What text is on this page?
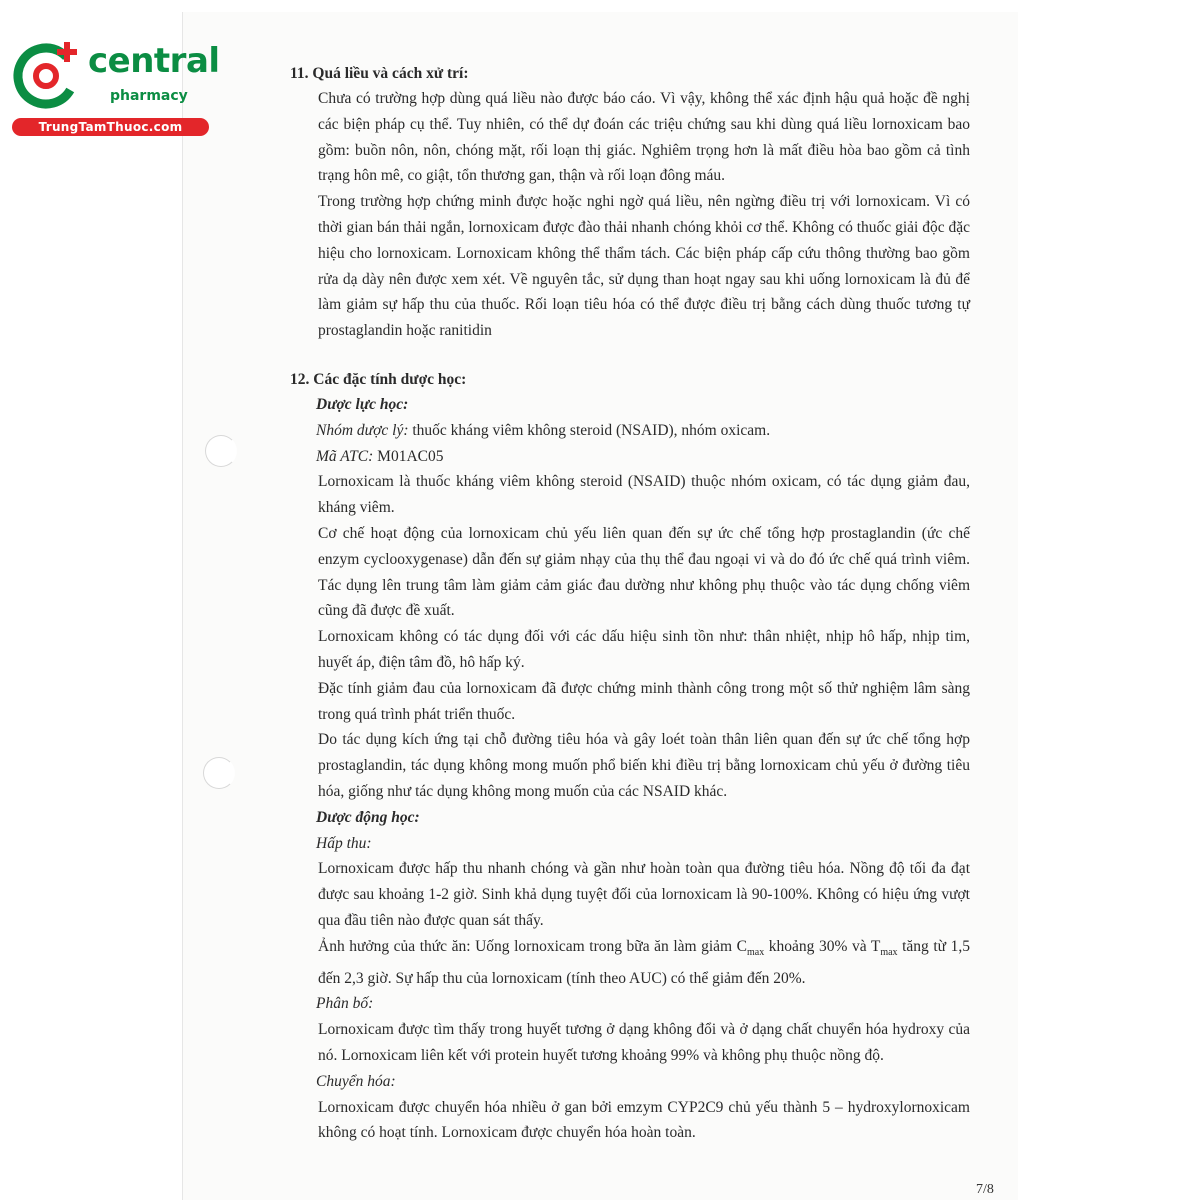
central
pharmacy
TrungTamThuoc.com
11. Quá liều và cách xử trí:
Chưa có trường hợp dùng quá liều nào được báo cáo. Vì vậy, không thể xác định hậu quả hoặc đề nghị các biện pháp cụ thể. Tuy nhiên, có thể dự đoán các triệu chứng sau khi dùng quá liều lornoxicam bao gồm: buồn nôn, nôn, chóng mặt, rối loạn thị giác. Nghiêm trọng hơn là mất điều hòa bao gồm cả tình trạng hôn mê, co giật, tổn thương gan, thận và rối loạn đông máu.
Trong trường hợp chứng minh được hoặc nghi ngờ quá liều, nên ngừng điều trị với lornoxicam. Vì có thời gian bán thải ngắn, lornoxicam được đào thải nhanh chóng khỏi cơ thể. Không có thuốc giải độc đặc hiệu cho lornoxicam. Lornoxicam không thể thẩm tách. Các biện pháp cấp cứu thông thường bao gồm rửa dạ dày nên được xem xét. Về nguyên tắc, sử dụng than hoạt ngay sau khi uống lornoxicam là đủ để làm giảm sự hấp thu của thuốc. Rối loạn tiêu hóa có thể được điều trị bằng cách dùng thuốc tương tự prostaglandin hoặc ranitidin
12. Các đặc tính dược học:
Dược lực học:
Nhóm dược lý: thuốc kháng viêm không steroid (NSAID), nhóm oxicam.
Mã ATC: M01AC05
Lornoxicam là thuốc kháng viêm không steroid (NSAID) thuộc nhóm oxicam, có tác dụng giảm đau, kháng viêm.
Cơ chế hoạt động của lornoxicam chủ yếu liên quan đến sự ức chế tổng hợp prostaglandin (ức chế enzym cyclooxygenase) dẫn đến sự giảm nhạy của thụ thể đau ngoại vi và do đó ức chế quá trình viêm. Tác dụng lên trung tâm làm giảm cảm giác đau dường như không phụ thuộc vào tác dụng chống viêm cũng đã được đề xuất.
Lornoxicam không có tác dụng đối với các dấu hiệu sinh tồn như: thân nhiệt, nhịp hô hấp, nhịp tim, huyết áp, điện tâm đồ, hô hấp ký.
Đặc tính giảm đau của lornoxicam đã được chứng minh thành công trong một số thử nghiệm lâm sàng trong quá trình phát triển thuốc.
Do tác dụng kích ứng tại chỗ đường tiêu hóa và gây loét toàn thân liên quan đến sự ức chế tổng hợp prostaglandin, tác dụng không mong muốn phổ biến khi điều trị bằng lornoxicam chủ yếu ở đường tiêu hóa, giống như tác dụng không mong muốn của các NSAID khác.
Dược động học:
Hấp thu:
Lornoxicam được hấp thu nhanh chóng và gần như hoàn toàn qua đường tiêu hóa. Nồng độ tối đa đạt được sau khoảng 1-2 giờ. Sinh khả dụng tuyệt đối của lornoxicam là 90-100%. Không có hiệu ứng vượt qua đầu tiên nào được quan sát thấy.
Ảnh hưởng của thức ăn: Uống lornoxicam trong bữa ăn làm giảm $C_{max}$ khoảng 30% và $T_{max}$ tăng từ 1,5 đến 2,3 giờ. Sự hấp thu của lornoxicam (tính theo AUC) có thể giảm đến 20%.
Phân bố:
Lornoxicam được tìm thấy trong huyết tương ở dạng không đổi và ở dạng chất chuyển hóa hydroxy của nó. Lornoxicam liên kết với protein huyết tương khoảng 99% và không phụ thuộc nồng độ.
Chuyển hóa:
Lornoxicam được chuyển hóa nhiều ở gan bởi emzym CYP2C9 chủ yếu thành 5 – hydroxylornoxicam không có hoạt tính. Lornoxicam được chuyển hóa hoàn toàn.
7/8
